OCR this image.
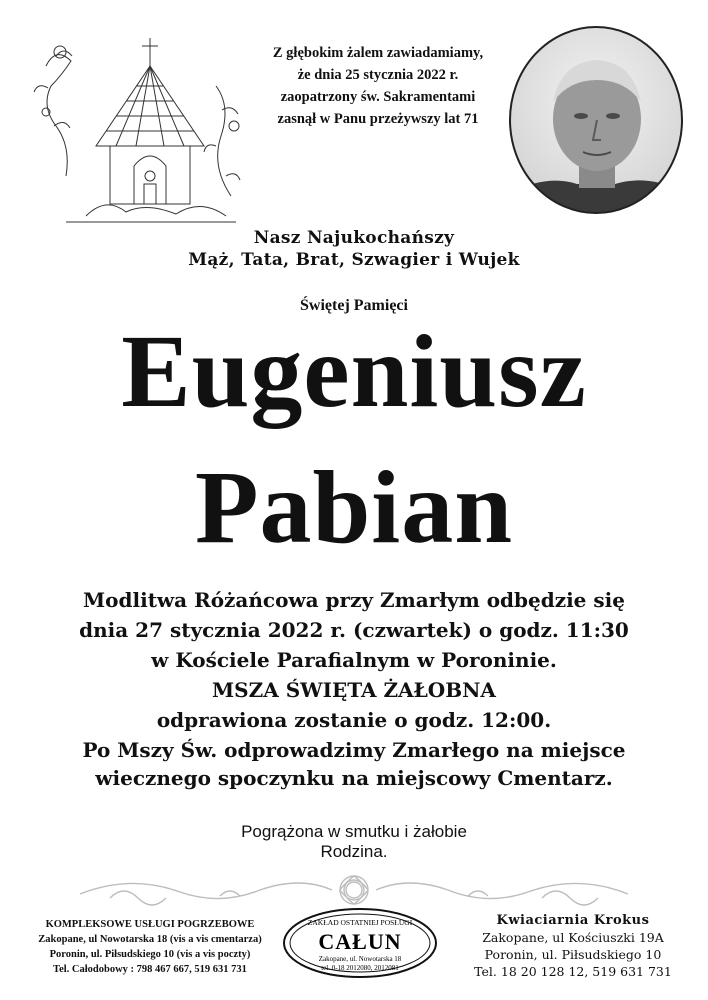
Z głębokim żalem zawiadamiamy,
że dnia 25 stycznia 2022 r.
zaopatrzony św. Sakramentami
zasnął w Panu przeżywszy lat 71
Nasz Najukochańszy
Mąż, Tata, Brat, Szwagier i Wujek
Świętej Pamięci
Eugeniusz
Pabian
Modlitwa Różańcowa przy Zmarłym odbędzie się
dnia 27 stycznia 2022 r. (czwartek) o godz. 11:30
w Kościele Parafialnym w Poroninie.
MSZA ŚWIĘTA ŻAŁOBNA
odprawiona zostanie o godz. 12:00.
Po Mszy Św. odprowadzimy Zmarłego na miejsce
wiecznego spoczynku na miejscowy Cmentarz.
Pogrążona w smutku i żałobie
Rodzina.
KOMPLEKSOWE USŁUGI POGRZEBOWE
Zakopane, ul Nowotarska 18 (vis a vis cmentarza)
Poronin, ul. Piłsudskiego 10 (vis a vis poczty)
Tel. Całodobowy : 798 467 667, 519 631 731
ZAKŁAD OSTATNIEJ POSŁUGI
CAŁUN
Zakopane, ul. Nowotarska 18
tel. 0-18 2012080, 2012081
Kwiaciarnia Krokus
Zakopane, ul Kościuszki 19A
Poronin, ul. Piłsudskiego 10
Tel. 18 20 128 12, 519 631 731
